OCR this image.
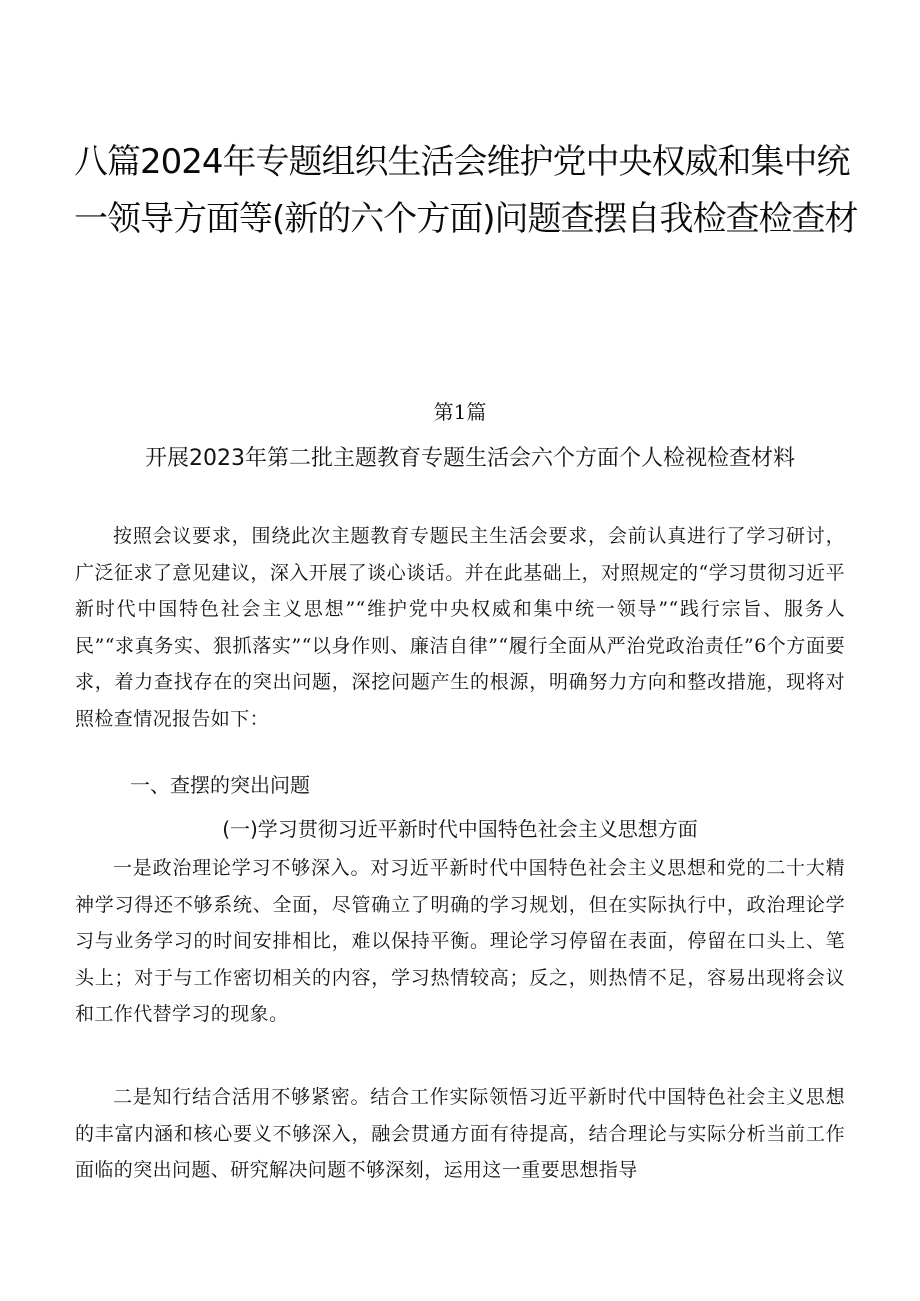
八篇2024年专题组织生活会维护党中央权威和集中统
一领导方面等(新的六个方面)问题查摆自我检查检查材
第1篇
开展2023年第二批主题教育专题生活会六个方面个人检视检查材料
按照会议要求，围绕此次主题教育专题民主生活会要求，会前认真进行了学习研讨，广泛征求了意见建议，深入开展了谈心谈话。并在此基础上，对照规定的“学习贯彻习近平新时代中国特色社会主义思想”“维护党中央权威和集中统一领导”“践行宗旨、服务人民”“求真务实、狠抓落实”“以身作则、廉洁自律”“履行全面从严治党政治责任”6个方面要求，着力查找存在的突出问题，深挖问题产生的根源，明确努力方向和整改措施，现将对照检查情况报告如下：
一、查摆的突出问题
(一)学习贯彻习近平新时代中国特色社会主义思想方面
一是政治理论学习不够深入。对习近平新时代中国特色社会主义思想和党的二十大精神学习得还不够系统、全面，尽管确立了明确的学习规划，但在实际执行中，政治理论学习与业务学习的时间安排相比，难以保持平衡。理论学习停留在表面，停留在口头上、笔头上；对于与工作密切相关的内容，学习热情较高；反之，则热情不足，容易出现将会议和工作代替学习的现象。
二是知行结合活用不够紧密。结合工作实际领悟习近平新时代中国特色社会主义思想的丰富内涵和核心要义不够深入，融会贯通方面有待提高，结合理论与实际分析当前工作面临的突出问题、研究解决问题不够深刻，运用这一重要思想指导
